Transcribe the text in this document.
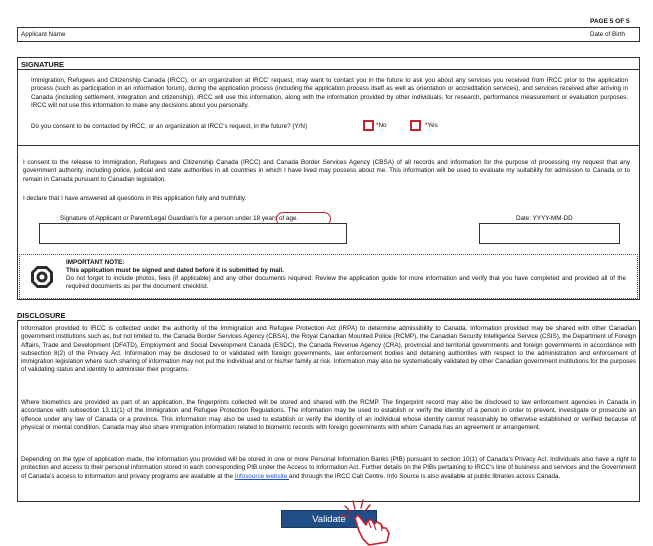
PAGE 5 OF 5
Applicant Name	Date of Birth
SIGNATURE
Immigration, Refugees and Citizenship Canada (IRCC), or an organization at IRCC’ request, may want to contact you in the future to ask you about any services you received from IRCC prior to the application process (such as participation in an information forum), during the application process (including the application process itself as well as orientation or accreditation services), and services received after arriving in Canada (including settlement, integration and citizenship). IRCC will use this information, along with the information provided by other individuals, for research, performance measurement or evaluation purposes. IRCC will not use this information to make any decisions about you personally.
Do you consent to be contacted by IRCC, or an organization at IRCC’s request, in the future? (Y/N)	*No	*Yes
I consent to the release to Immigration, Refugees and Citizenship Canada (IRCC) and Canada Border Services Agency (CBSA) of all records and information for the purpose of processing my request that any government authority, including police, judicial and state authorities in all countries in which I have lived may possess about me. This information will be used to evaluate my suitability for admission to Canada or to remain in Canada pursuant to Canadian legislation.
I declare that I have answered all questions in this application fully and truthfully.
Signature of Applicant or Parent/Legal Guardian’s for a person under 18 years of age.	Date: YYYY-MM-DD
IMPORTANT NOTE:
This application must be signed and dated before it is submitted by mail.
Do not forget to include photos, fees (if applicable) and any other documents required. Review the application guide for more information and verify that you have completed and provided all of the required documents as per the document checklist.
DISCLOSURE
Information provided to IRCC is collected under the authority of the Immigration and Refugee Protection Act (IRPA) to determine admissibility to Canada. Information provided may be shared with other Canadian government institutions such as, but not limited to, the Canada Border Services Agency (CBSA), the Royal Canadian Mounted Police (RCMP), the Canadian Security Intelligence Service (CSIS), the Department of Foreign Affairs, Trade and Development (DFATD), Employment and Social Development Canada (ESDC), the Canada Revenue Agency (CRA), provincial and territorial governments and foreign governments in accordance with subsection 8(2) of the Privacy Act. Information may be disclosed to or validated with foreign governments, law enforcement bodies and detaining authorities with respect to the administration and enforcement of immigration legislation where such sharing of information may not put the individual and or his/her family at risk. Information may also be systematically validated by other Canadian government institutions for the purposes of validating status and identity to administer their programs.
Where biometrics are provided as part of an application, the fingerprints collected will be stored and shared with the RCMP. The fingerprint record may also be disclosed to law enforcement agencies in Canada in accordance with subsection 13.11(1) of the Immigration and Refugee Protection Regulations. The information may be used to establish or verify the identity of a person in order to prevent, investigate or prosecute an offence under any law of Canada or a province. This information may also be used to establish or verify the identity of an individual whose identity cannot reasonably be otherwise established or verified because of physical or mental condition. Canada may also share immigration information related to biometric records with foreign governments with whom Canada has an agreement or arrangement.
Depending on the type of application made, the information you provided will be stored in one or more Personal Information Banks (PIB) pursuant to section 10(1) of Canada’s Privacy Act. Individuals also have a right to protection and access to their personal information stored in each corresponding PIB under the Access to Information Act. Further details on the PIBs pertaining to IRCC’s line of business and services and the Government of Canada’s access to information and privacy programs are available at the Infosource website and through the IRCC Call Centre. Info Source is also available at public libraries across Canada.
Validate
